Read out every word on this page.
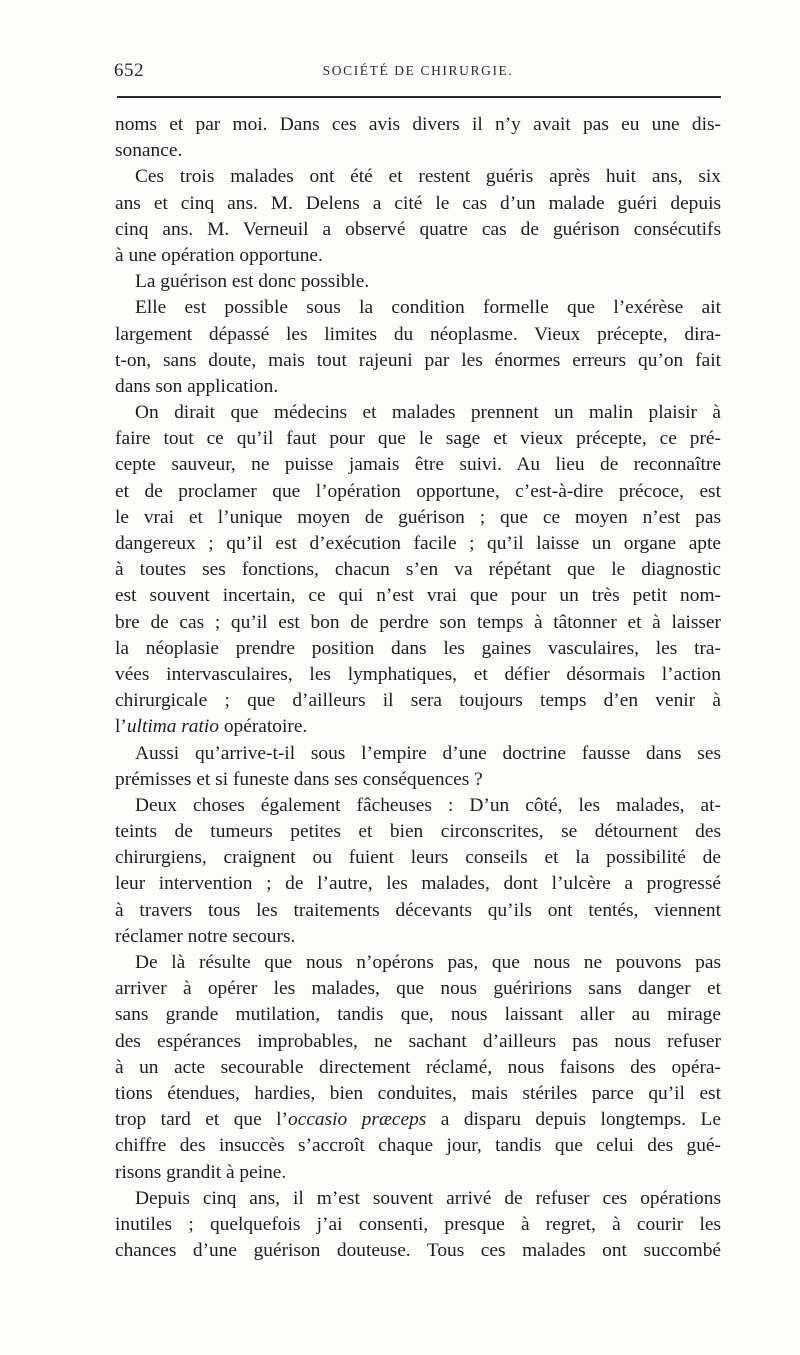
652	SOCIÉTÉ DE CHIRURGIE.
noms et par moi. Dans ces avis divers il n’y avait pas eu une dis-
sonance.
Ces trois malades ont été et restent guéris après huit ans, six
ans et cinq ans. M. Delens a cité le cas d’un malade guéri depuis
cinq ans. M. Verneuil a observé quatre cas de guérison consécutifs
à une opération opportune.
La guérison est donc possible.
Elle est possible sous la condition formelle que l’exérèse ait
largement dépassé les limites du néoplasme. Vieux précepte, dira-
t-on, sans doute, mais tout rajeuni par les énormes erreurs qu’on fait
dans son application.
On dirait que médecins et malades prennent un malin plaisir à
faire tout ce qu’il faut pour que le sage et vieux précepte, ce pré-
cepte sauveur, ne puisse jamais être suivi. Au lieu de reconnaître
et de proclamer que l’opération opportune, c’est-à-dire précoce, est
le vrai et l’unique moyen de guérison ; que ce moyen n’est pas
dangereux ; qu’il est d’exécution facile ; qu’il laisse un organe apte
à toutes ses fonctions, chacun s’en va répétant que le diagnostic
est souvent incertain, ce qui n’est vrai que pour un très petit nom-
bre de cas ; qu’il est bon de perdre son temps à tâtonner et à laisser
la néoplasie prendre position dans les gaines vasculaires, les tra-
vées intervasculaires, les lymphatiques, et défier désormais l’action
chirurgicale ; que d’ailleurs il sera toujours temps d’en venir à
l’ultima ratio opératoire.
Aussi qu’arrive-t-il sous l’empire d’une doctrine fausse dans ses
prémisses et si funeste dans ses conséquences ?
Deux choses également fâcheuses : D’un côté, les malades, at-
teints de tumeurs petites et bien circonscrites, se détournent des
chirurgiens, craignent ou fuient leurs conseils et la possibilité de
leur intervention ; de l’autre, les malades, dont l’ulcère a progressé
à travers tous les traitements décevants qu’ils ont tentés, viennent
réclamer notre secours.
De là résulte que nous n’opérons pas, que nous ne pouvons pas
arriver à opérer les malades, que nous guéririons sans danger et
sans grande mutilation, tandis que, nous laissant aller au mirage
des espérances improbables, ne sachant d’ailleurs pas nous refuser
à un acte secourable directement réclamé, nous faisons des opéra-
tions étendues, hardies, bien conduites, mais stériles parce qu’il est
trop tard et que l’occasio præceps a disparu depuis longtemps. Le
chiffre des insuccès s’accroît chaque jour, tandis que celui des gué-
risons grandit à peine.
Depuis cinq ans, il m’est souvent arrivé de refuser ces opérations
inutiles ; quelquefois j’ai consenti, presque à regret, à courir les
chances d’une guérison douteuse. Tous ces malades ont succombé
